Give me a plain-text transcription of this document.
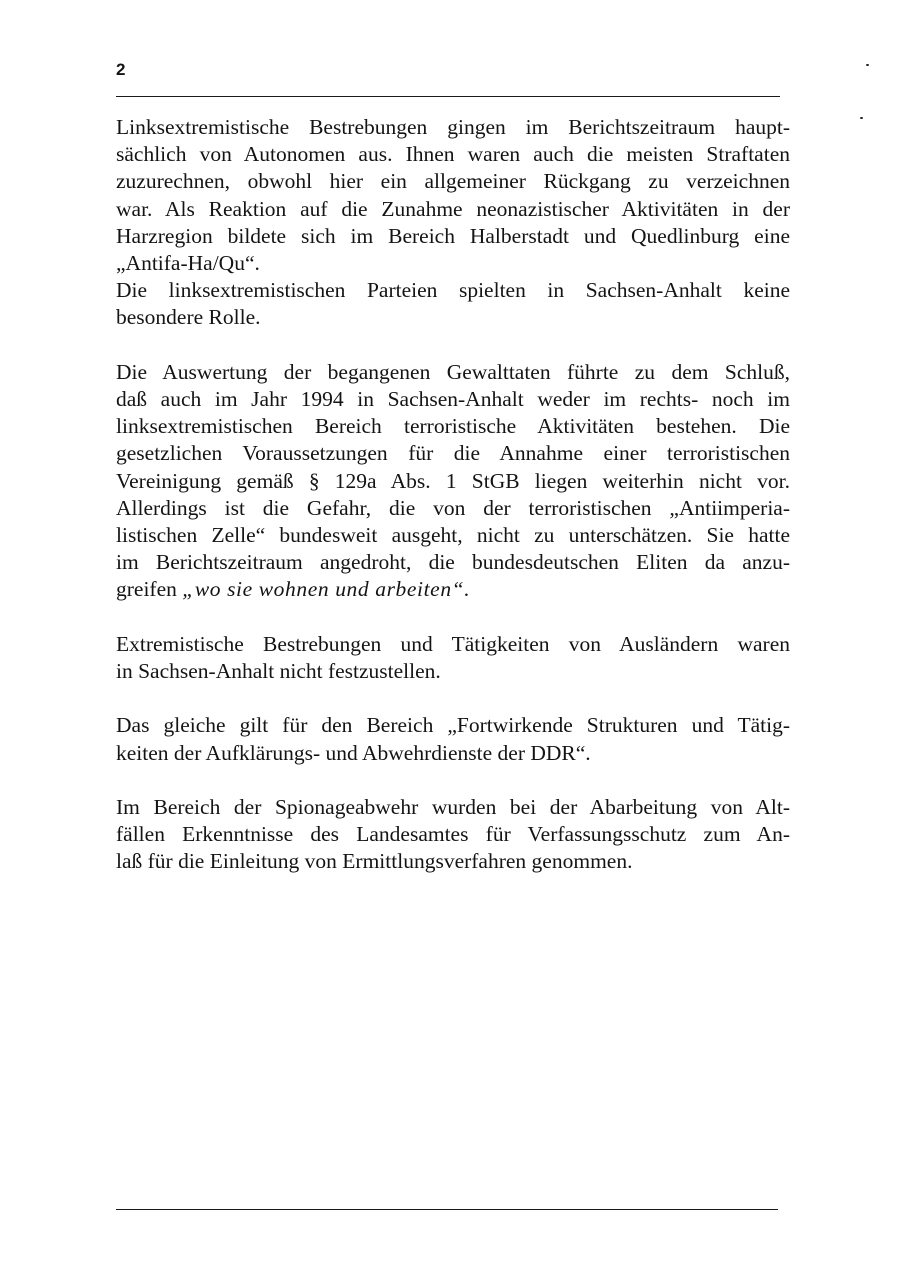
2

Linksextremistische Bestrebungen gingen im Berichtszeitraum haupt-
sächlich von Autonomen aus. Ihnen waren auch die meisten Straftaten
zuzurechnen, obwohl hier ein allgemeiner Rückgang zu verzeichnen
war. Als Reaktion auf die Zunahme neonazistischer Aktivitäten in der
Harzregion bildete sich im Bereich Halberstadt und Quedlinburg eine
„Antifa-Ha/Qu“.
Die linksextremistischen Parteien spielten in Sachsen-Anhalt keine
besondere Rolle.

Die Auswertung der begangenen Gewalttaten führte zu dem Schluß,
daß auch im Jahr 1994 in Sachsen-Anhalt weder im rechts- noch im
linksextremistischen Bereich terroristische Aktivitäten bestehen. Die
gesetzlichen Voraussetzungen für die Annahme einer terroristischen
Vereinigung gemäß § 129a Abs. 1 StGB liegen weiterhin nicht vor.
Allerdings ist die Gefahr, die von der terroristischen „Antiimperia-
listischen Zelle“ bundesweit ausgeht, nicht zu unterschätzen. Sie hatte
im Berichtszeitraum angedroht, die bundesdeutschen Eliten da anzu-
greifen „wo sie wohnen und arbeiten“.

Extremistische Bestrebungen und Tätigkeiten von Ausländern waren
in Sachsen-Anhalt nicht festzustellen.

Das gleiche gilt für den Bereich „Fortwirkende Strukturen und Tätig-
keiten der Aufklärungs- und Abwehrdienste der DDR“.

Im Bereich der Spionageabwehr wurden bei der Abarbeitung von Alt-
fällen Erkenntnisse des Landesamtes für Verfassungsschutz zum An-
laß für die Einleitung von Ermittlungsverfahren genommen.
